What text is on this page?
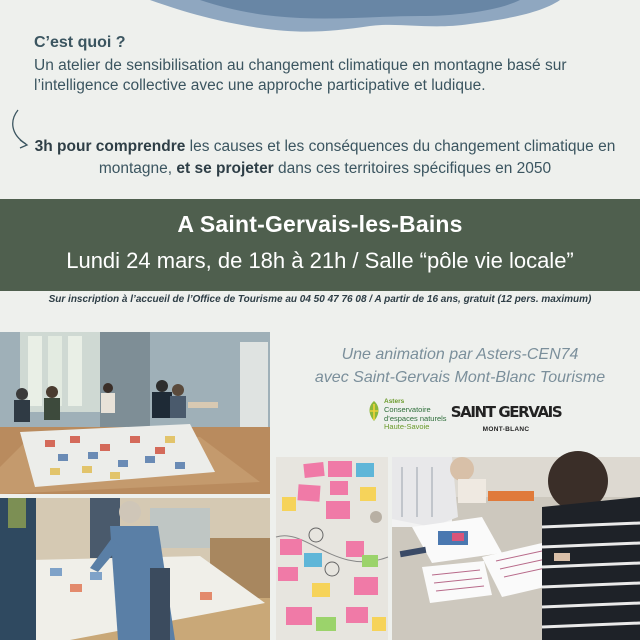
C’est quoi ?
Un atelier de sensibilisation au changement climatique en montagne basé sur l’intelligence collective avec une approche participative et ludique.
3h pour comprendre les causes et les conséquences du changement climatique en montagne, et se projeter dans ces territoires spécifiques en 2050
A Saint-Gervais-les-Bains
Lundi 24 mars, de 18h à 21h / Salle “pôle vie locale”
Sur inscription à l’accueil de l’Office de Tourisme au 04 50 47 76 08 / A partir de 16 ans, gratuit (12 pers. maximum)
Une animation par Asters-CEN74
avec Saint-Gervais Mont-Blanc Tourisme
Asters
Conservatoire
d’espaces naturels
Haute-Savoie
SAINT GERVAIS
MONT-BLANC
